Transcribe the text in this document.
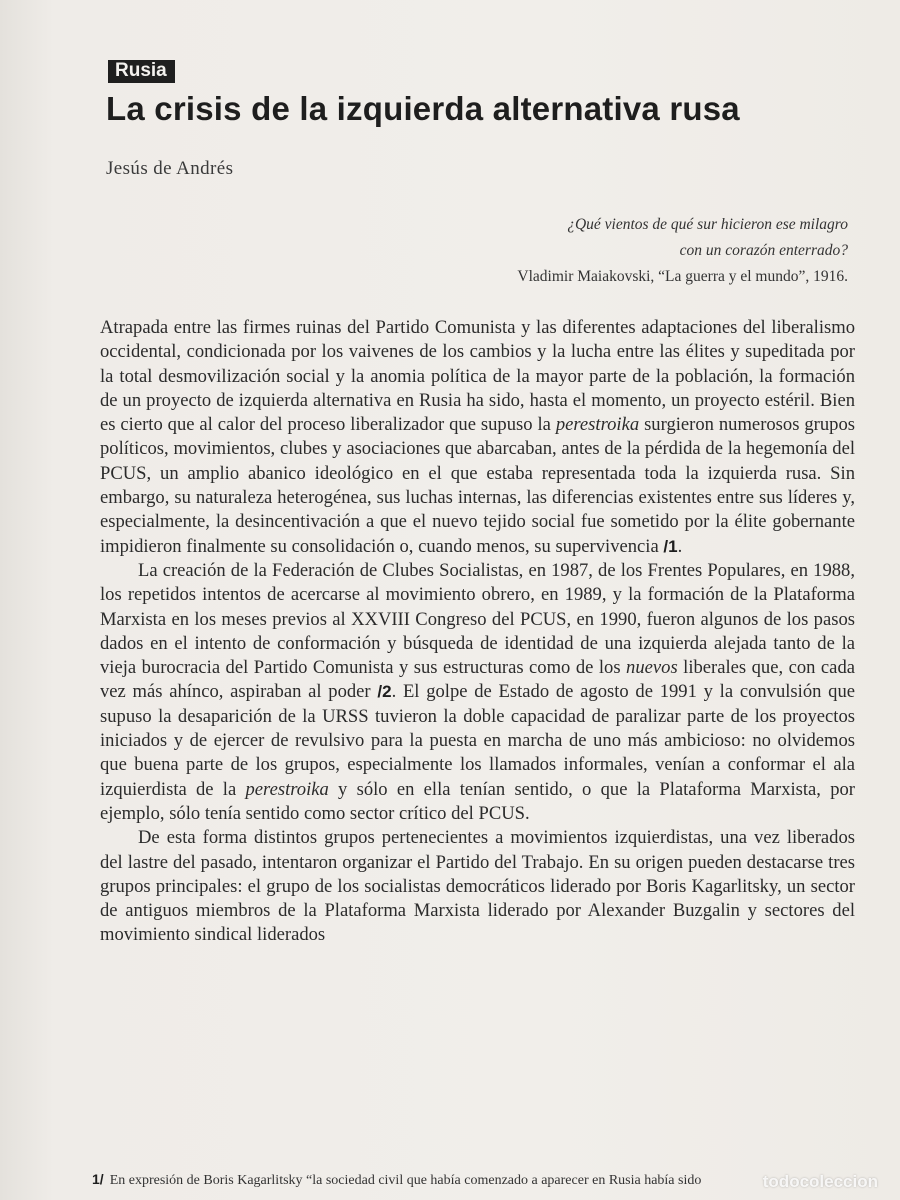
Rusia
La crisis de la izquierda alternativa rusa
Jesús de Andrés
¿Qué vientos de qué sur hicieron ese milagro
con un corazón enterrado?
Vladimir Maiakovski, “La guerra y el mundo”, 1916.

Atrapada entre las firmes ruinas del Partido Comunista y las diferentes adaptaciones del liberalismo occidental, condicionada por los vaivenes de los cambios y la lucha entre las élites y supeditada por la total desmovilización social y la anomia política de la mayor parte de la población, la formación de un proyecto de izquierda alternativa en Rusia ha sido, hasta el momento, un proyecto estéril. Bien es cierto que al calor del proceso liberalizador que supuso la perestroika surgieron numerosos grupos políticos, movimientos, clubes y asociaciones que abarcaban, antes de la pérdida de la hegemonía del PCUS, un amplio abanico ideológico en el que estaba representada toda la izquierda rusa. Sin embargo, su naturaleza heterogénea, sus luchas internas, las diferencias existentes entre sus líderes y, especialmente, la desincentivación a que el nuevo tejido social fue sometido por la élite gobernante impidieron finalmente su consolidación o, cuando menos, su supervivencia /1.

La creación de la Federación de Clubes Socialistas, en 1987, de los Frentes Populares, en 1988, los repetidos intentos de acercarse al movimiento obrero, en 1989, y la formación de la Plataforma Marxista en los meses previos al XXVIII Congreso del PCUS, en 1990, fueron algunos de los pasos dados en el intento de conformación y búsqueda de identidad de una izquierda alejada tanto de la vieja burocracia del Partido Comunista y sus estructuras como de los nuevos liberales que, con cada vez más ahínco, aspiraban al poder /2. El golpe de Estado de agosto de 1991 y la convulsión que supuso la desaparición de la URSS tuvieron la doble capacidad de paralizar parte de los proyectos iniciados y de ejercer de revulsivo para la puesta en marcha de uno más ambicioso: no olvidemos que buena parte de los grupos, especialmente los llamados informales, venían a conformar el ala izquierdista de la perestroika y sólo en ella tenían sentido, o que la Plataforma Marxista, por ejemplo, sólo tenía sentido como sector crítico del PCUS.

De esta forma distintos grupos pertenecientes a movimientos izquierdistas, una vez liberados del lastre del pasado, intentaron organizar el Partido del Trabajo. En su origen pueden destacarse tres grupos principales: el grupo de los socialistas democráticos liderado por Boris Kagarlitsky, un sector de antiguos miembros de la Plataforma Marxista liderado por Alexander Buzgalin y sectores del movimiento sindical liderados

1/ En expresión de Boris Kagarlitsky “la sociedad civil que había comenzado a aparecer en Rusia había sido	todocoleccion
